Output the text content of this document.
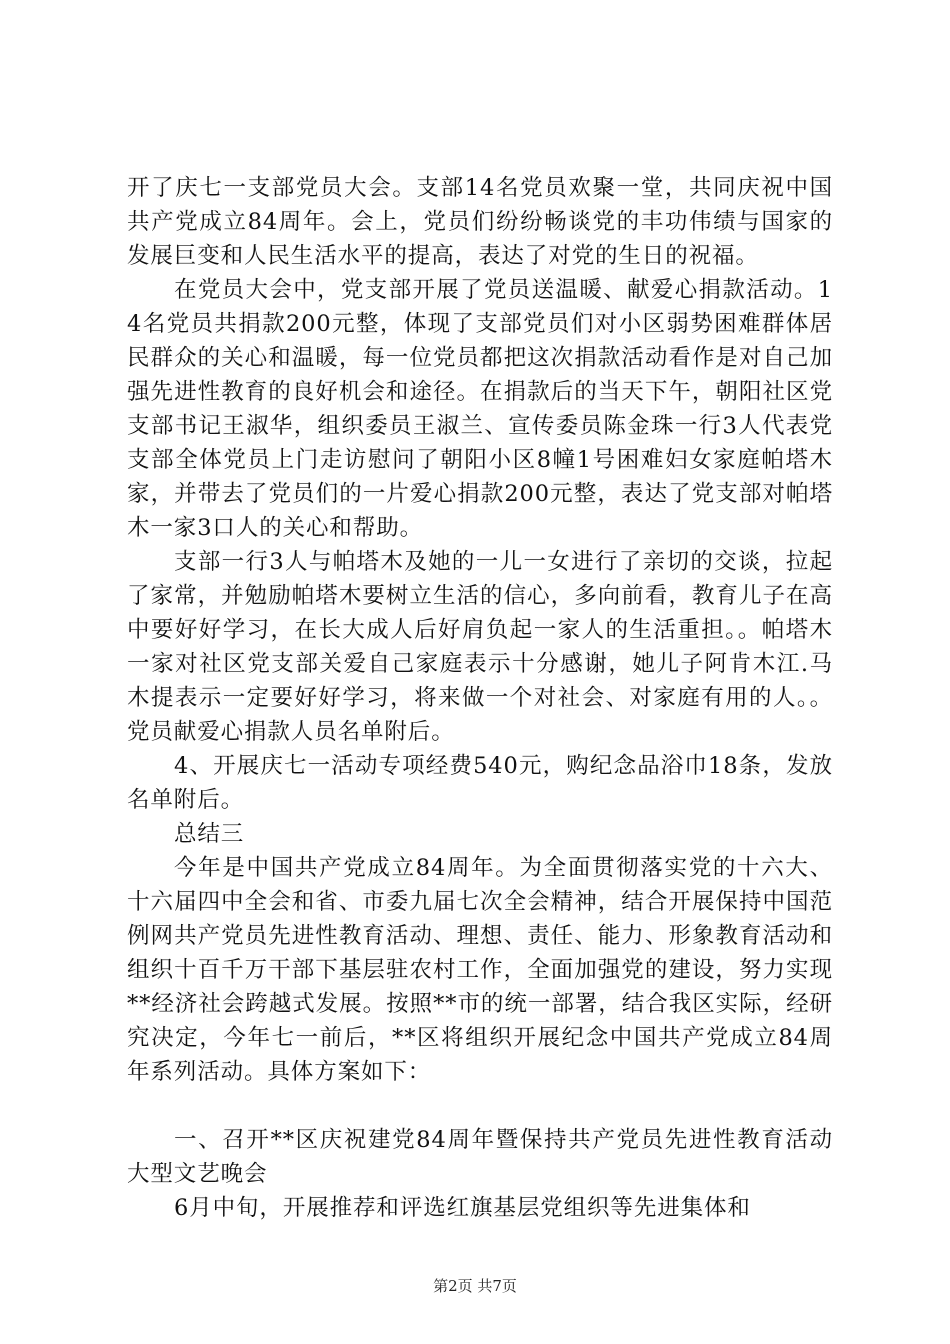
开了庆七一支部党员大会。支部14名党员欢聚一堂，共同庆祝中国共产党成立84周年。会上，党员们纷纷畅谈党的丰功伟绩与国家的发展巨变和人民生活水平的提高，表达了对党的生日的祝福。

在党员大会中，党支部开展了党员送温暖、献爱心捐款活动。14名党员共捐款200元整，体现了支部党员们对小区弱势困难群体居民群众的关心和温暖，每一位党员都把这次捐款活动看作是对自己加强先进性教育的良好机会和途径。在捐款后的当天下午，朝阳社区党支部书记王淑华，组织委员王淑兰、宣传委员陈金珠一行3人代表党支部全体党员上门走访慰问了朝阳小区8幢1号困难妇女家庭帕塔木家，并带去了党员们的一片爱心捐款200元整，表达了党支部对帕塔木一家3口人的关心和帮助。

支部一行3人与帕塔木及她的一儿一女进行了亲切的交谈，拉起了家常，并勉励帕塔木要树立生活的信心，多向前看，教育儿子在高中要好好学习，在长大成人后好肩负起一家人的生活重担。。帕塔木一家对社区党支部关爱自己家庭表示十分感谢，她儿子阿肯木江.马木提表示一定要好好学习，将来做一个对社会、对家庭有用的人。。党员献爱心捐款人员名单附后。

4、开展庆七一活动专项经费540元，购纪念品浴巾18条，发放名单附后。

总结三

今年是中国共产党成立84周年。为全面贯彻落实党的十六大、十六届四中全会和省、市委九届七次全会精神，结合开展保持中国范例网共产党员先进性教育活动、理想、责任、能力、形象教育活动和组织十百千万干部下基层驻农村工作，全面加强党的建设，努力实现**经济社会跨越式发展。按照**市的统一部署，结合我区实际，经研究决定，今年七一前后，**区将组织开展纪念中国共产党成立84周年系列活动。具体方案如下：

一、召开**区庆祝建党84周年暨保持共产党员先进性教育活动大型文艺晚会

6月中旬，开展推荐和评选红旗基层党组织等先进集体和

第2页 共7页
